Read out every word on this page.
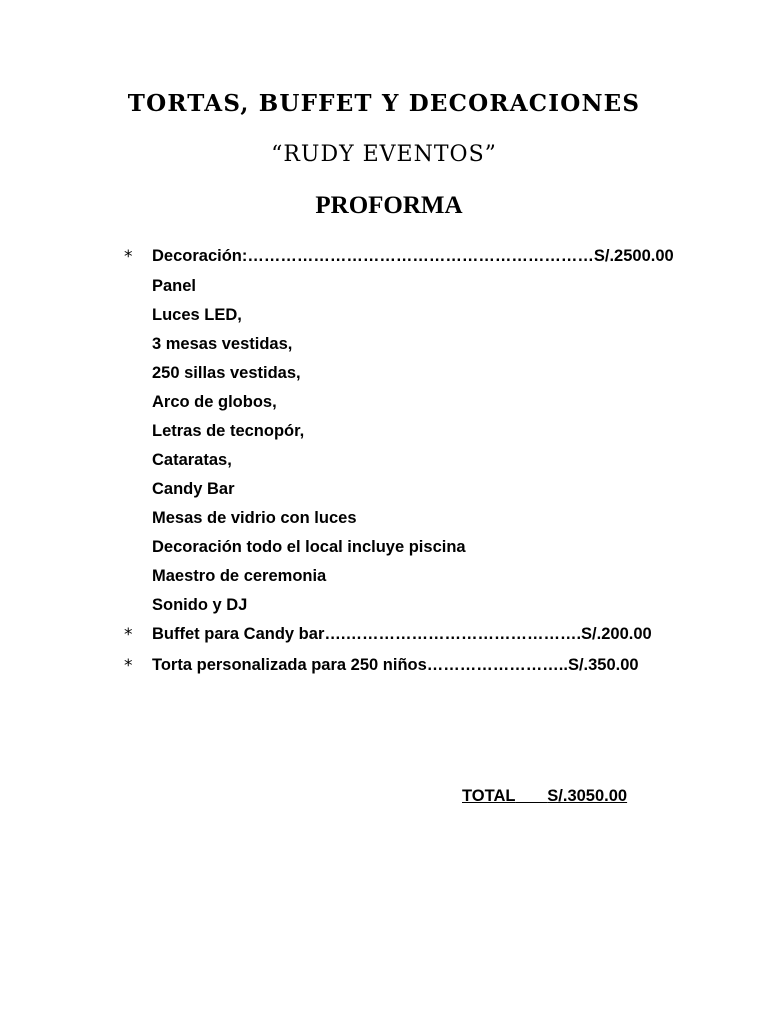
TORTAS, BUFFET Y DECORACIONES
“RUDY EVENTOS”
PROFORMA
* Decoración:………………………………………………………S/.2500.00
Panel
Luces LED,
3 mesas vestidas,
250 sillas vestidas,
Arco de globos,
Letras de tecnopór,
Cataratas,
Candy Bar
Mesas de vidrio con luces
Decoración todo el local incluye piscina
Maestro de ceremonia
Sonido y DJ
* Buffet para Candy bar….…………………………………….S/.200.00
* Torta personalizada para 250 niños……………………..S/.350.00
TOTAL S/.3050.00
